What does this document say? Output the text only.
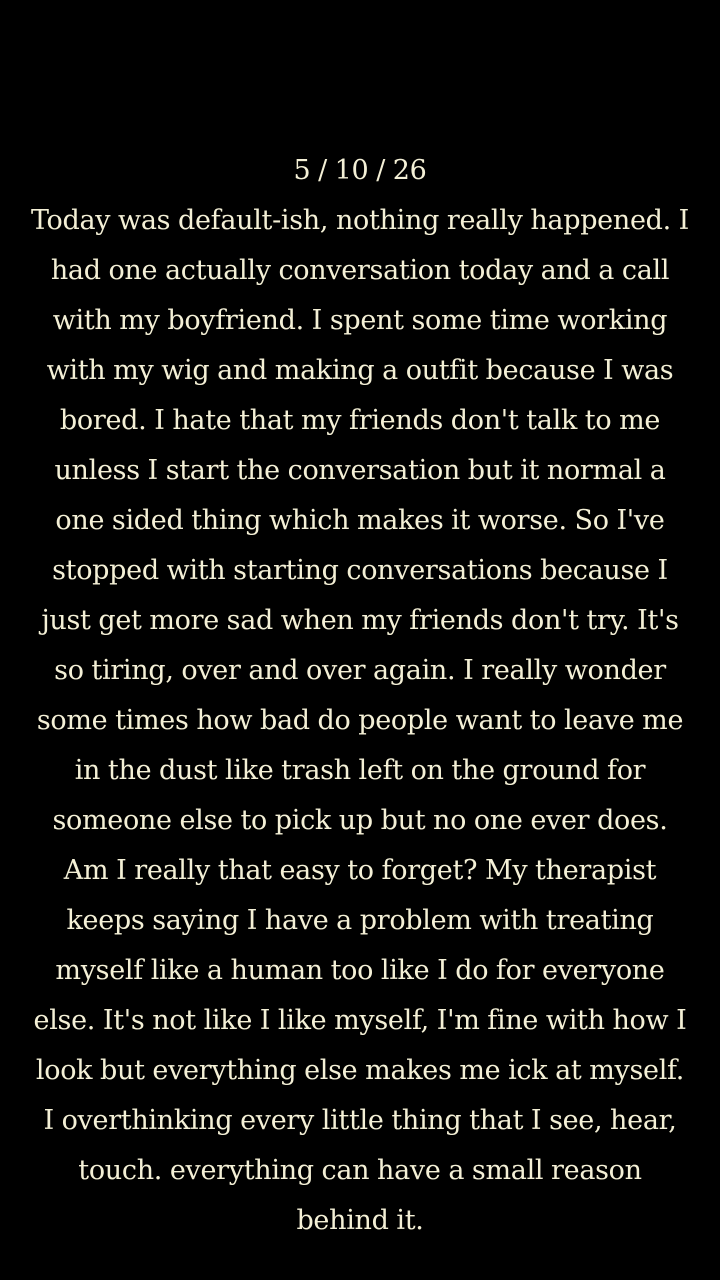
5 / 10 / 26

Today was default-ish, nothing really happened. I had one actually conversation today and a call with my boyfriend. I spent some time working with my wig and making a outfit because I was bored. I hate that my friends don't talk to me unless I start the conversation but it normal a one sided thing which makes it worse. So I've stopped with starting conversations because I just get more sad when my friends don't try. It's so tiring, over and over again. I really wonder some times how bad do people want to leave me in the dust like trash left on the ground for someone else to pick up but no one ever does. Am I really that easy to forget? My therapist keeps saying I have a problem with treating myself like a human too like I do for everyone else. It's not like I like myself, I'm fine with how I look but everything else makes me ick at myself. I overthinking every little thing that I see, hear, touch. everything can have a small reason behind it.
